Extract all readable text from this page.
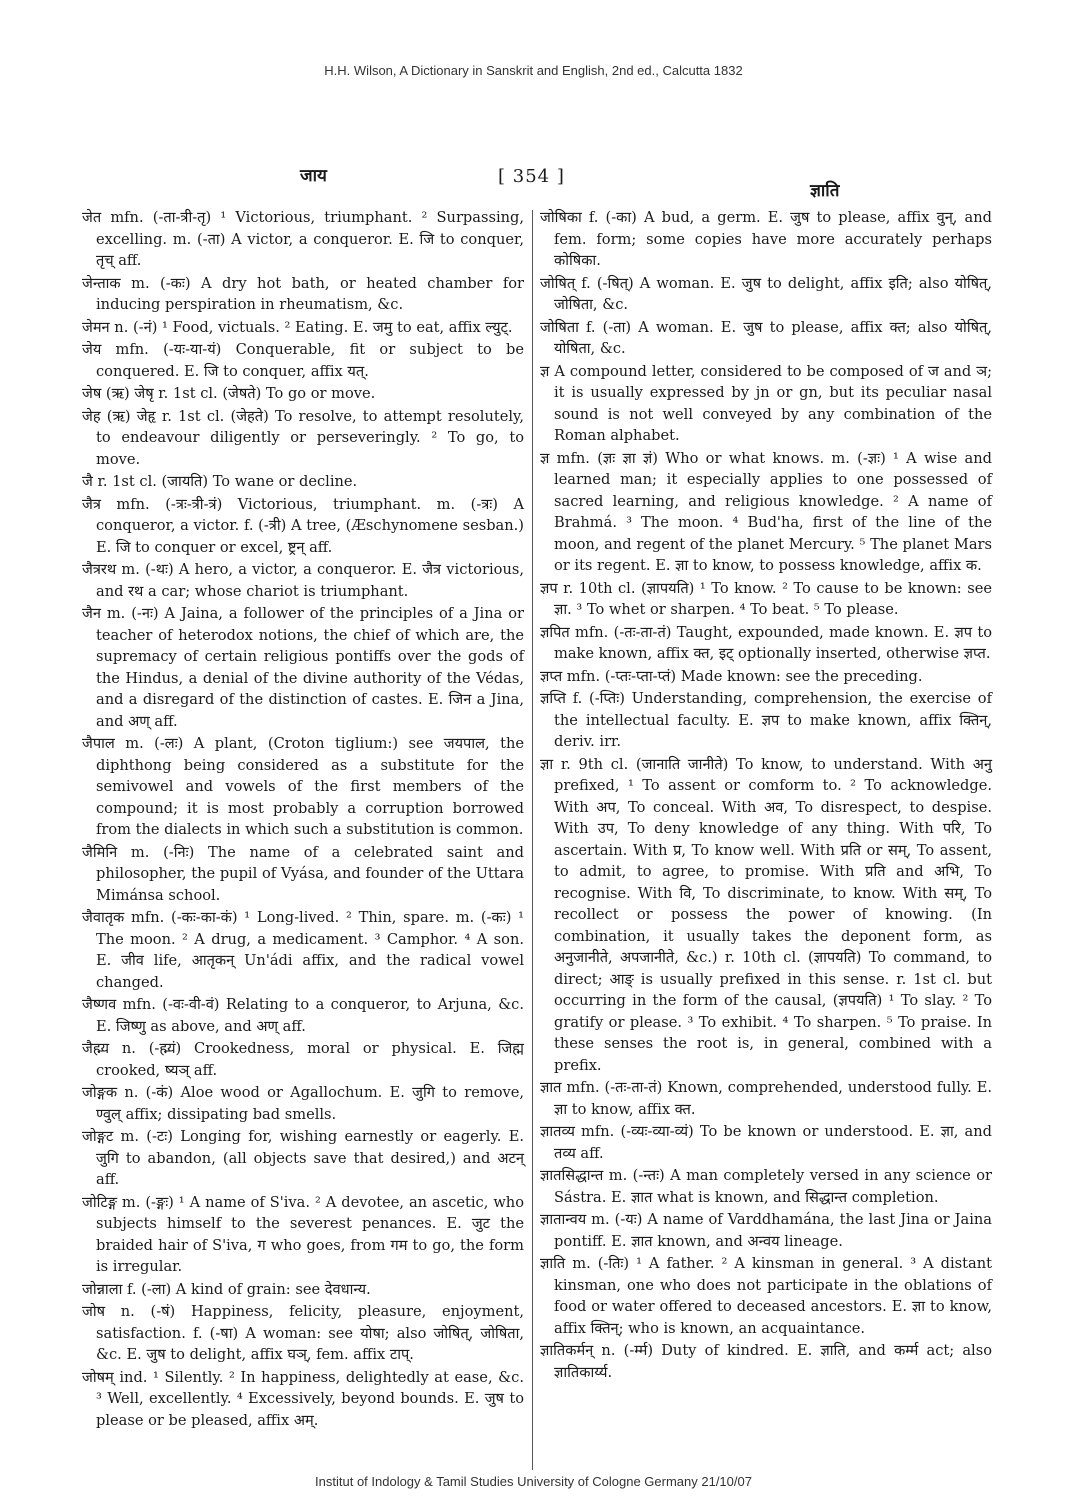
H.H. Wilson, A Dictionary in Sanskrit and English, 2nd ed., Calcutta 1832
जाय	[ 354 ]
ज्ञाति

जेत mfn. (-ता-त्री-तृ) ¹ Victorious, triumphant. ² Surpassing, excelling. m. (-ता) A victor, a conqueror. E. जि to conquer, तृच् aff.

जेन्ताक m. (-कः) A dry hot bath, or heated chamber for inducing perspiration in rheumatism, &c.

जेमन n. (-नं) ¹ Food, victuals. ² Eating. E. जमु to eat, affix ल्युट्.

जेय mfn. (-यः-या-यं) Conquerable, fit or subject to be conquered. E. जि to conquer, affix यत्.

जेष (ऋ) जेषृ r. 1st cl. (जेषते) To go or move.

जेह (ऋ) जेहृ r. 1st cl. (जेहते) To resolve, to attempt resolutely, to endeavour diligently or perseveringly. ² To go, to move.

जै r. 1st cl. (जायति) To wane or decline.

जैत्र mfn. (-त्रः-त्री-त्रं) Victorious, triumphant. m. (-त्रः) A conqueror, a victor. f. (-त्री) A tree, (Æschynomene sesban.) E. जि to conquer or excel, ष्ट्रन् aff.

जैत्ररथ m. (-थः) A hero, a victor, a conqueror. E. जैत्र victorious, and रथ a car; whose chariot is triumphant.

जैन m. (-नः) A Jaina, a follower of the principles of a Jina or teacher of heterodox notions, the chief of which are, the supremacy of certain religious pontiffs over the gods of the Hindus, a denial of the divine authority of the Védas, and a disregard of the distinction of castes. E. जिन a Jina, and अण् aff.

जैपाल m. (-लः) A plant, (Croton tiglium:) see जयपाल, the diphthong being considered as a substitute for the semivowel and vowels of the first members of the compound; it is most probably a corruption borrowed from the dialects in which such a substitution is common.

जैमिनि m. (-निः) The name of a celebrated saint and philosopher, the pupil of Vyása, and founder of the Uttara Mimánsa school.

जैवातृक mfn. (-कः-का-कं) ¹ Long-lived. ² Thin, spare. m. (-कः) ¹ The moon. ² A drug, a medicament. ³ Camphor. ⁴ A son. E. जीव life, आतृकन् Un'ádi affix, and the radical vowel changed.

जैष्णव mfn. (-वः-वी-वं) Relating to a conqueror, to Arjuna, &c. E. जिष्णु as above, and अण् aff.

जैह्म्य n. (-ह्म्यं) Crookedness, moral or physical. E. जिह्म crooked, ष्यञ् aff.

जोङ्गक n. (-कं) Aloe wood or Agallochum. E. जुगि to remove, ण्वुल् affix; dissipating bad smells.

जोङ्गट m. (-टः) Longing for, wishing earnestly or eagerly. E. जुगि to abandon, (all objects save that desired,) and अटन् aff.

जोटिङ्ग m. (-ङ्गः) ¹ A name of S'iva. ² A devotee, an ascetic, who subjects himself to the severest penances. E. जुट the braided hair of S'iva, ग who goes, from गम to go, the form is irregular.

जोन्नाला f. (-ला) A kind of grain: see देवधान्य.

जोष n. (-षं) Happiness, felicity, pleasure, enjoyment, satisfaction. f. (-षा) A woman: see योषा; also जोषित्, जोषिता, &c. E. जुष to delight, affix घञ्, fem. affix टाप्.

जोषम् ind. ¹ Silently. ² In happiness, delightedly at ease, &c. ³ Well, excellently. ⁴ Excessively, beyond bounds. E. जुष to please or be pleased, affix अम्.

जोषिका f. (-का) A bud, a germ. E. जुष to please, affix वुन्, and fem. form; some copies have more accurately perhaps कोषिका.

जोषित् f. (-षित्) A woman. E. जुष to delight, affix इति; also योषित्, जोषिता, &c.

जोषिता f. (-ता) A woman. E. जुष to please, affix क्त; also योषित्, योषिता, &c.

ज्ञ A compound letter, considered to be composed of ज and ञ; it is usually expressed by jn or gn, but its peculiar nasal sound is not well conveyed by any combination of the Roman alphabet.

ज्ञ mfn. (ज्ञः ज्ञा ज्ञं) Who or what knows. m. (-ज्ञः) ¹ A wise and learned man; it especially applies to one possessed of sacred learning, and religious knowledge. ² A name of Brahmá. ³ The moon. ⁴ Bud'ha, first of the line of the moon, and regent of the planet Mercury. ⁵ The planet Mars or its regent. E. ज्ञा to know, to possess knowledge, affix क.

ज्ञप r. 10th cl. (ज्ञापयति) ¹ To know. ² To cause to be known: see ज्ञा. ³ To whet or sharpen. ⁴ To beat. ⁵ To please.

ज्ञपित mfn. (-तः-ता-तं) Taught, expounded, made known. E. ज्ञप to make known, affix क्त, इट् optionally inserted, otherwise ज्ञप्त.

ज्ञप्त mfn. (-प्तः-प्ता-प्तं) Made known: see the preceding.

ज्ञप्ति f. (-प्तिः) Understanding, comprehension, the exercise of the intellectual faculty. E. ज्ञप to make known, affix क्तिन्, deriv. irr.

ज्ञा r. 9th cl. (जानाति जानीते) To know, to understand. With अनु prefixed, ¹ To assent or comform to. ² To acknowledge. With अप, To conceal. With अव, To disrespect, to despise. With उप, To deny knowledge of any thing. With परि, To ascertain. With प्र, To know well. With प्रति or सम्, To assent, to admit, to agree, to promise. With प्रति and अभि, To recognise. With वि, To discriminate, to know. With सम्, To recollect or possess the power of knowing. (In combination, it usually takes the deponent form, as अनुजानीते, अपजानीते, &c.) r. 10th cl. (ज्ञापयति) To command, to direct; आङ् is usually prefixed in this sense. r. 1st cl. but occurring in the form of the causal, (ज्ञपयति) ¹ To slay. ² To gratify or please. ³ To exhibit. ⁴ To sharpen. ⁵ To praise. In these senses the root is, in general, combined with a prefix.

ज्ञात mfn. (-तः-ता-तं) Known, comprehended, understood fully. E. ज्ञा to know, affix क्त.

ज्ञातव्य mfn. (-व्यः-व्या-व्यं) To be known or understood. E. ज्ञा, and तव्य aff.

ज्ञातसिद्धान्त m. (-न्तः) A man completely versed in any science or Sástra. E. ज्ञात what is known, and सिद्धान्त completion.

ज्ञातान्वय m. (-यः) A name of Varddhamána, the last Jina or Jaina pontiff. E. ज्ञात known, and अन्वय lineage.

ज्ञाति m. (-तिः) ¹ A father. ² A kinsman in general. ³ A distant kinsman, one who does not participate in the oblations of food or water offered to deceased ancestors. E. ज्ञा to know, affix क्तिन्; who is known, an acquaintance.

ज्ञातिकर्मन् n. (-र्म्म) Duty of kindred. E. ज्ञाति, and कर्म्म act; also ज्ञातिकार्य्य.

Institut of Indology & Tamil Studies University of Cologne Germany 21/10/07
